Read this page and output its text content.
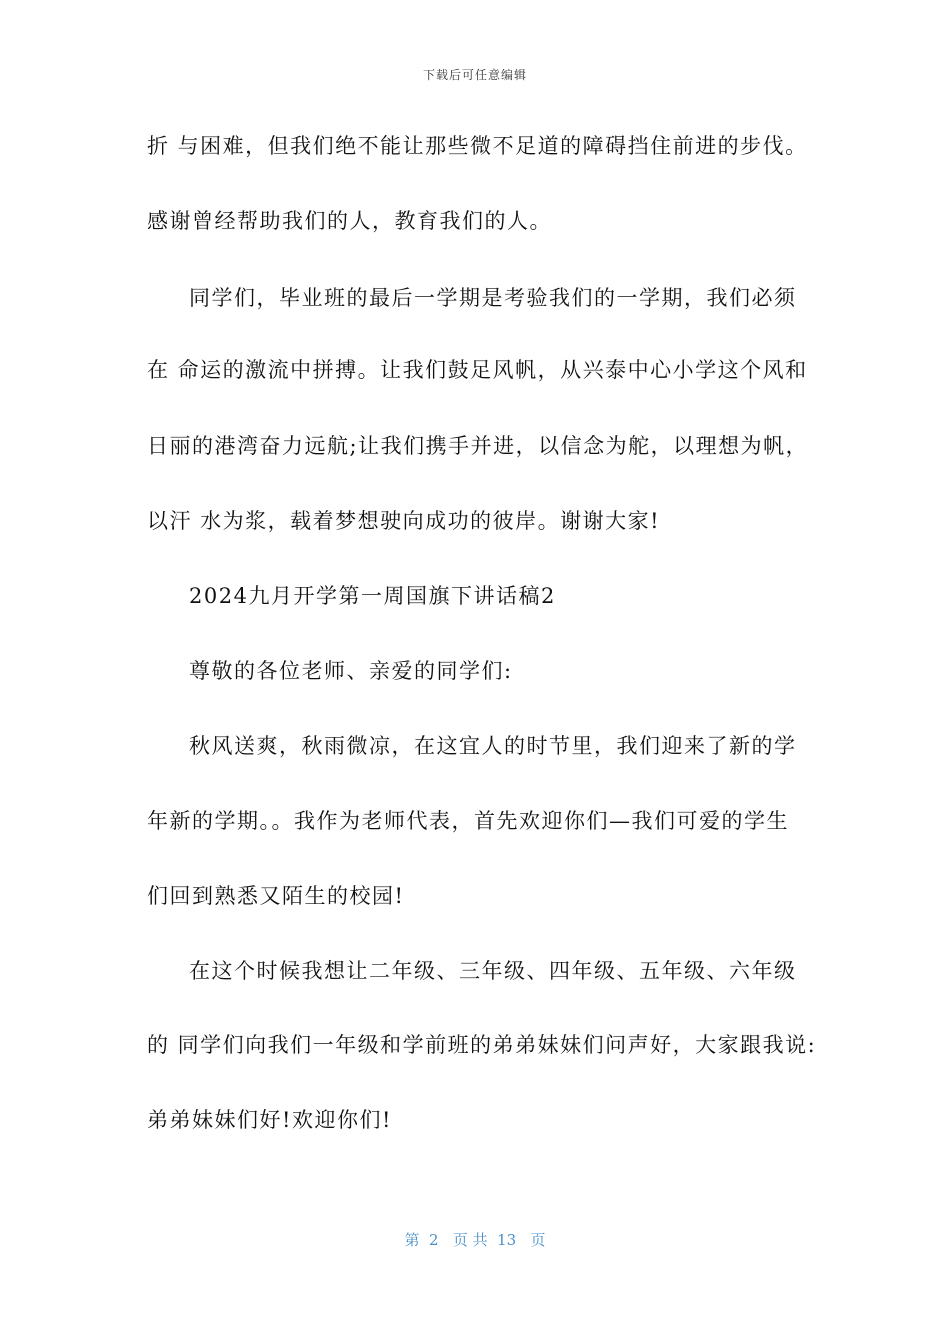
下载后可任意编辑
折 与困难，但我们绝不能让那些微不足道的障碍挡住前进的步伐。
感谢曾经帮助我们的人，教育我们的人。
同学们，毕业班的最后一学期是考验我们的一学期，我们必须
在 命运的激流中拼搏。让我们鼓足风帆，从兴泰中心小学这个风和
日丽的港湾奋力远航;让我们携手并进，以信念为舵，以理想为帆，
以汗 水为浆，载着梦想驶向成功的彼岸。谢谢大家!
2024九月开学第一周国旗下讲话稿2
尊敬的各位老师、亲爱的同学们:
秋风送爽，秋雨微凉，在这宜人的时节里，我们迎来了新的学
年新的学期。。我作为老师代表，首先欢迎你们—我们可爱的学生
们回到熟悉又陌生的校园!
在这个时候我想让二年级、三年级、四年级、五年级、六年级
的 同学们向我们一年级和学前班的弟弟妹妹们问声好，大家跟我说:
弟弟妹妹们好!欢迎你们!
第  2   页 共  13   页
